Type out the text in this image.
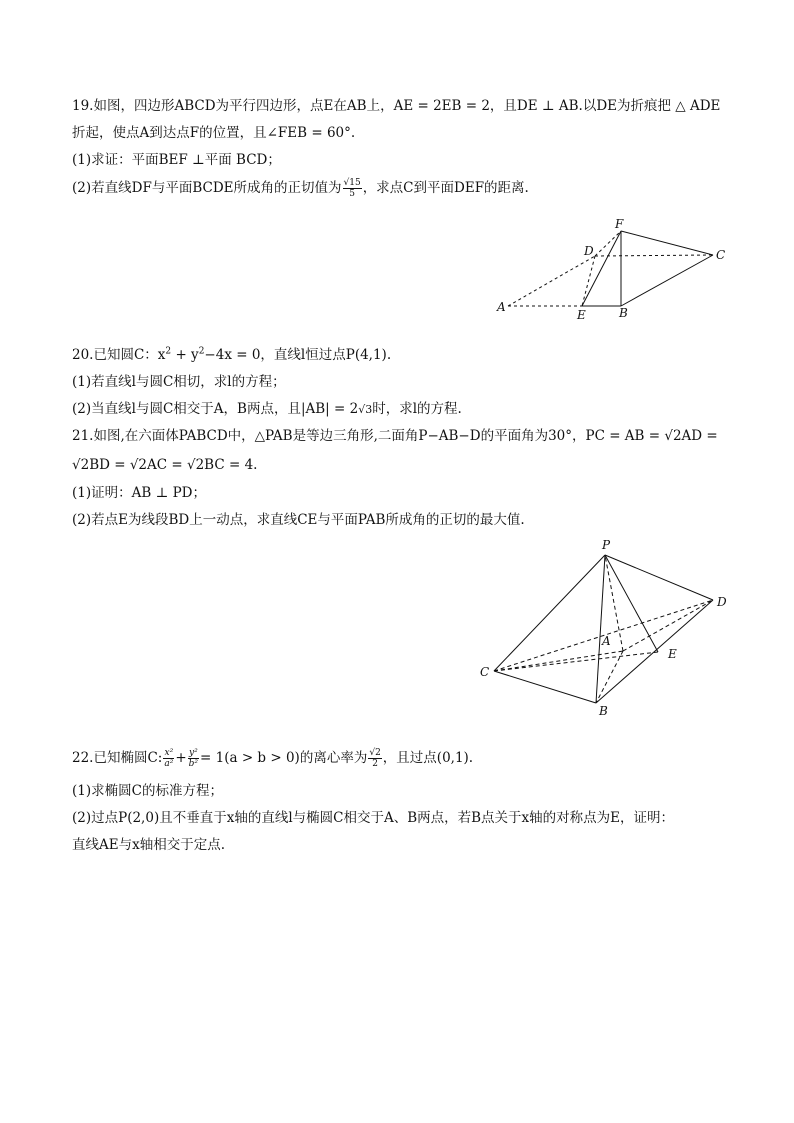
19.如图，四边形ABCD为平行四边形，点E在AB上，AE = 2EB = 2，且DE ⊥ AB.以DE为折痕把 △ ADE
折起，使点A到达点F的位置，且∠FEB = 60°.
(1)求证：平面BEF ⊥平面 BCD；
(2)若直线DF与平面BCDE所成角的正切值为 $\frac{√15}{5}$ ，求点C到平面DEF的距离.
F
D	C
A
E	B
20.已知圆C：$x^2 + y^2-4x = 0$，直线l恒过点P(4,1).
(1)若直线l与圆C相切，求l的方程；
(2)当直线l与圆C相交于A，B两点，且|AB| = 2√3时，求l的方程.
21.如图,在六面体PABCD中，△PAB是等边三角形,二面角P−AB−D的平面角为30°，PC = AB = √2AD =
√2BD = √2AC = √2BC = 4.
(1)证明：AB ⊥ PD；
(2)若点E为线段BD上一动点，求直线CE与平面PAB所成角的正切的最大值.
P
D
A
E
C
B
22.已知椭圆C: $\frac{\text{x²}}{\text{a²}} + \frac{\text{y²}}{\text{b²}} = 1(a > b > 0)$的离心率为 $\frac{√2}{2}$ ，且过点(0,1).
(1)求椭圆C的标准方程；
(2)过点P(2,0)且不垂直于x轴的直线l与椭圆C相交于A、B两点，若B点关于x轴的对称点为E，证明：
直线AE与x轴相交于定点.
